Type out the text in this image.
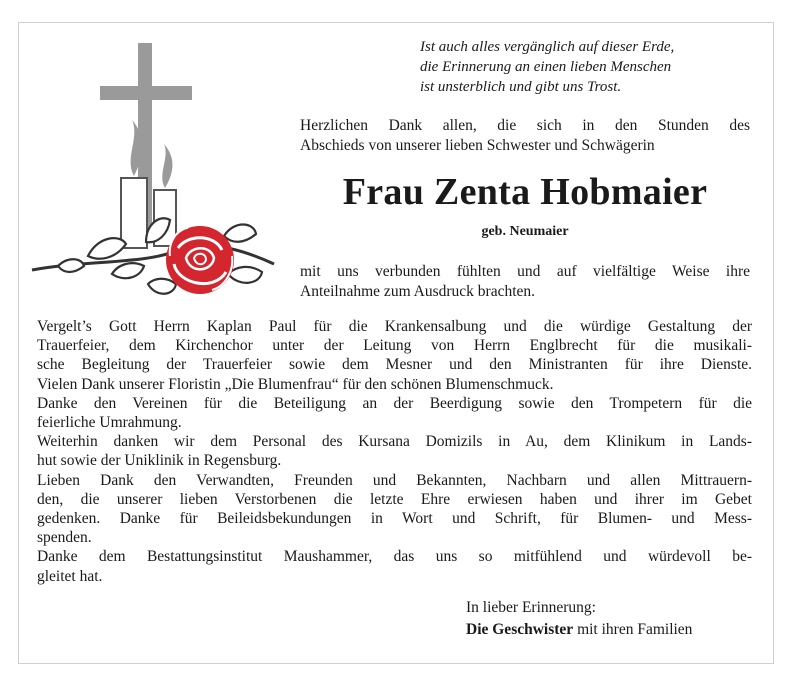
Ist auch alles vergänglich auf dieser Erde,
die Erinnerung an einen lieben Menschen
ist unsterblich und gibt uns Trost.

Herzlichen Dank allen, die sich in den Stunden des
Abschieds von unserer lieben Schwester und Schwägerin

Frau Zenta Hobmaier

geb. Neumaier

mit uns verbunden fühlten und auf vielfältige Weise ihre
Anteilnahme zum Ausdruck brachten.

Vergelt’s Gott Herrn Kaplan Paul für die Krankensalbung und die würdige Gestaltung der
Trauerfeier, dem Kirchenchor unter der Leitung von Herrn Englbrecht für die musikali-
sche Begleitung der Trauerfeier sowie dem Mesner und den Ministranten für ihre Dienste.
Vielen Dank unserer Floristin „Die Blumenfrau“ für den schönen Blumenschmuck.
Danke den Vereinen für die Beteiligung an der Beerdigung sowie den Trompetern für die
feierliche Umrahmung.
Weiterhin danken wir dem Personal des Kursana Domizils in Au, dem Klinikum in Lands-
hut sowie der Uniklinik in Regensburg.
Lieben Dank den Verwandten, Freunden und Bekannten, Nachbarn und allen Mittrauern-
den, die unserer lieben Verstorbenen die letzte Ehre erwiesen haben und ihrer im Gebet
gedenken. Danke für Beileidsbekundungen in Wort und Schrift, für Blumen- und Mess-
spenden.
Danke dem Bestattungsinstitut Maushammer, das uns so mitfühlend und würdevoll be-
gleitet hat.

In lieber Erinnerung:
Die Geschwister mit ihren Familien
